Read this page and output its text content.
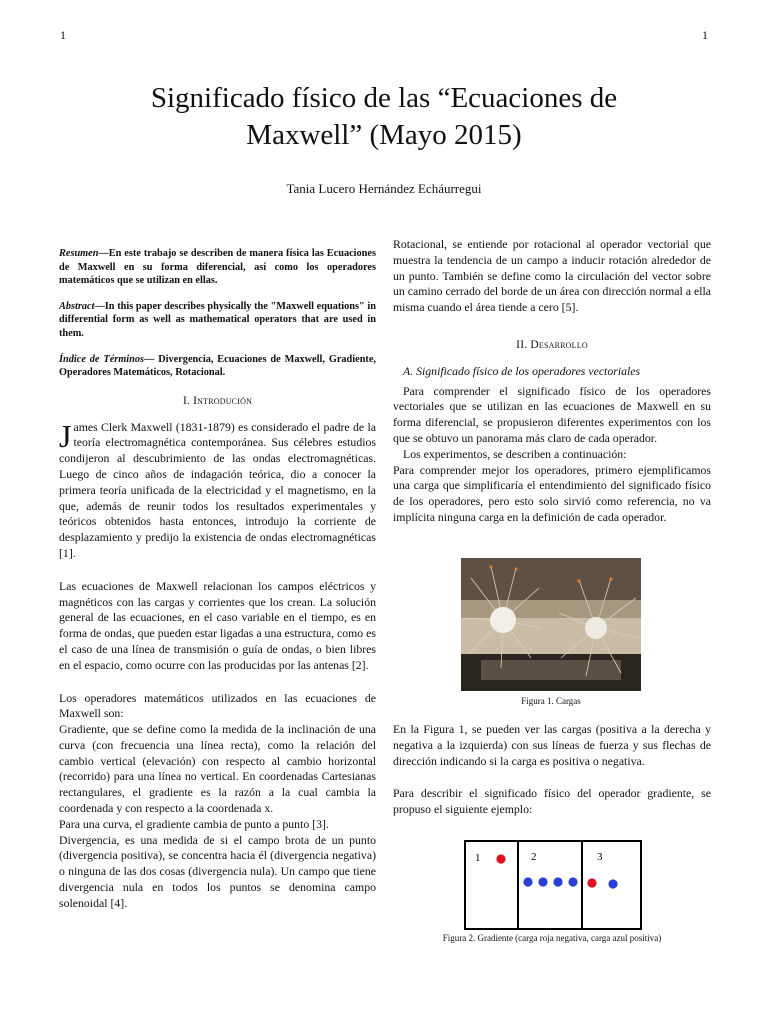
1	1
Significado físico de las “Ecuaciones de Maxwell” (Mayo 2015)
Tania Lucero Hernández Echáurregui

Resumen—En este trabajo se describen de manera física las Ecuaciones de Maxwell en su forma diferencial, así como los operadores matemáticos que se utilizan en ellas.

Abstract—In this paper describes physically the "Maxwell equations" in differential form as well as mathematical operators that are used in them.

Índice de Términos— Divergencia, Ecuaciones de Maxwell, Gradiente, Operadores Matemáticos, Rotacional.

I. Introdución

James Clerk Maxwell (1831-1879) es considerado el padre de la teoría electromagnética contemporánea. Sus célebres estudios condijeron al descubrimiento de las ondas electromagnéticas. Luego de cinco años de indagación teórica, dio a conocer la primera teoría unificada de la electricidad y el magnetismo, en la que, además de reunir todos los resultados experimentales y teóricos obtenidos hasta entonces, introdujo la corriente de desplazamiento y predijo la existencia de ondas electromagnéticas [1].

Las ecuaciones de Maxwell relacionan los campos eléctricos y magnéticos con las cargas y corrientes que los crean. La solución general de las ecuaciones, en el caso variable en el tiempo, es en forma de ondas, que pueden estar ligadas a una estructura, como es el caso de una línea de transmisión o guía de ondas, o bien libres en el espacio, como ocurre con las producidas por las antenas [2].

Los operadores matemáticos utilizados en las ecuaciones de Maxwell son:

Gradiente, que se define como la medida de la inclinación de una curva (con frecuencia una línea recta), como la relación del cambio vertical (elevación) con respecto al cambio horizontal (recorrido) para una línea no vertical. En coordenadas Cartesianas rectangulares, el gradiente es la razón a la cual cambia la coordenada y con respecto a la coordenada x.

Para una curva, el gradiente cambia de punto a punto [3].

Divergencia, es una medida de si el campo brota de un punto (divergencia positiva), se concentra hacia él (divergencia negativa) o ninguna de las dos cosas (divergencia nula). Un campo que tiene divergencia nula en todos los puntos se denomina campo solenoidal [4].

Rotacional, se entiende por rotacional al operador vectorial que muestra la tendencia de un campo a inducir rotación alrededor de un punto. También se define como la circulación del vector sobre un camino cerrado del borde de un área con dirección normal a ella misma cuando el área tiende a cero [5].

II. Desarrollo
A. Significado físico de los operadores vectoriales

Para comprender el significado físico de los operadores vectoriales que se utilizan en las ecuaciones de Maxwell en su forma diferencial, se propusieron diferentes experimentos con los que se obtuvo un panorama más claro de cada operador.

Los experimentos, se describen a continuación:

Para comprender mejor los operadores, primero ejemplificamos una carga que simplificaría el entendimiento del significado físico de los operadores, pero esto solo sirvió como referencia, no va implícita ninguna carga en la definición de cada operador.

Figura 1. Cargas

En la Figura 1, se pueden ver las cargas (positiva a la derecha y negativa a la izquierda) con sus líneas de fuerza y sus flechas de dirección indicando si la carga es positiva o negativa.

Para describir el significado físico del operador gradiente, se propuso el siguiente ejemplo:

1	2	3
Figura 2. Gradiente (carga roja negativa, carga azul positiva)
